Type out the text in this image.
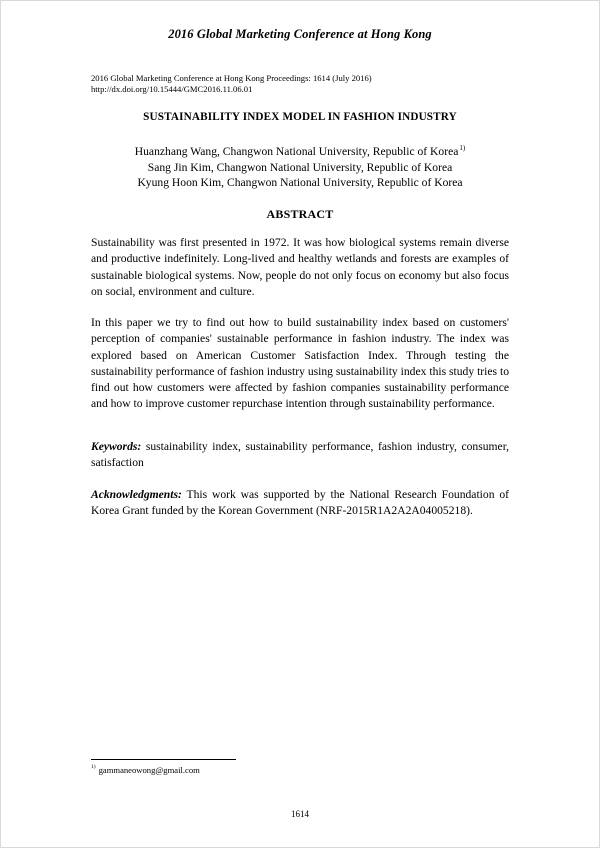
2016 Global Marketing Conference at Hong Kong
2016 Global Marketing Conference at Hong Kong Proceedings: 1614 (July 2016)
http://dx.doi.org/10.15444/GMC2016.11.06.01
SUSTAINABILITY INDEX MODEL IN FASHION INDUSTRY
Huanzhang Wang, Changwon National University, Republic of Korea$^{1)}$
Sang Jin Kim, Changwon National University, Republic of Korea
Kyung Hoon Kim, Changwon National University, Republic of Korea
ABSTRACT
Sustainability was first presented in 1972. It was how biological systems remain diverse and productive indefinitely. Long-lived and healthy wetlands and forests are examples of sustainable biological systems. Now, people do not only focus on economy but also focus on social, environment and culture.
In this paper we try to find out how to build sustainability index based on customers' perception of companies' sustainable performance in fashion industry. The index was explored based on American Customer Satisfaction Index. Through testing the sustainability performance of fashion industry using sustainability index this study tries to find out how customers were affected by fashion companies sustainability performance and how to improve customer repurchase intention through sustainability performance.
Keywords: sustainability index, sustainability performance, fashion industry, consumer, satisfaction
Acknowledgments: This work was supported by the National Research Foundation of Korea Grant funded by the Korean Government (NRF-2015R1A2A2A04005218).
$^{1)}$ gammaneowong@gmail.com
1614
